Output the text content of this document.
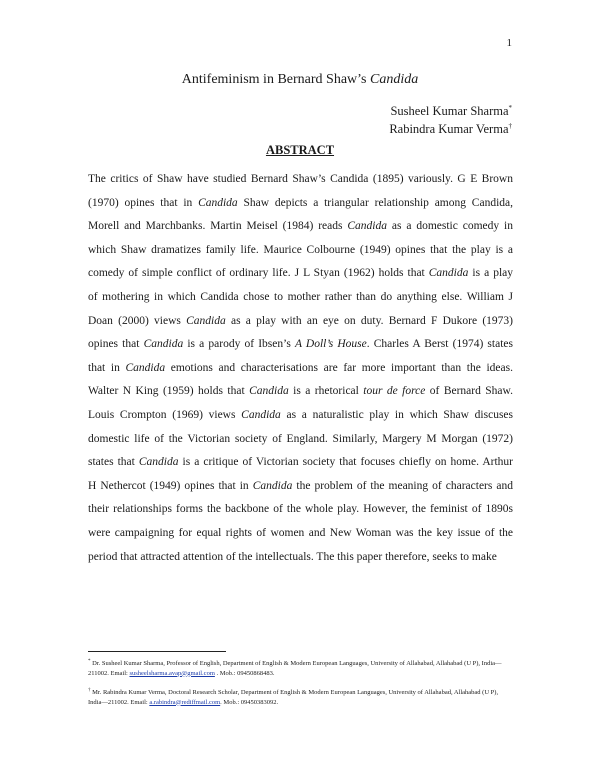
1
Antifeminism in Bernard Shaw’s Candida
Susheel Kumar Sharma*
Rabindra Kumar Verma†
ABSTRACT
The critics of Shaw have studied Bernard Shaw’s Candida (1895) variously. G E Brown
(1970) opines that in Candida Shaw depicts a triangular relationship among Candida,
Morell and Marchbanks. Martin Meisel (1984) reads Candida as a domestic comedy in
which Shaw dramatizes family life. Maurice Colbourne (1949) opines that the play is a
comedy of simple conflict of ordinary life. J L Styan (1962) holds that Candida is a play
of mothering in which Candida chose to mother rather than do anything else. William J
Doan (2000) views Candida as a play with an eye on duty. Bernard F Dukore (1973)
opines that Candida is a parody of Ibsen’s A Doll’s House. Charles A Berst (1974) states
that in Candida emotions and characterisations are far more important than the ideas.
Walter N King (1959) holds that Candida is a rhetorical tour de force of Bernard Shaw.
Louis Crompton (1969) views Candida as a naturalistic play in which Shaw discuses
domestic life of the Victorian society of England. Similarly, Margery M Morgan (1972)
states that Candida is a critique of Victorian society that focuses chiefly on home. Arthur
H Nethercot (1949) opines that in Candida the problem of the meaning of characters and
their relationships forms the backbone of the whole play. However, the feminist of 1890s
were campaigning for equal rights of women and New Woman was the key issue of the
period that attracted attention of the intellectuals. The this paper therefore, seeks to make
* Dr. Susheel Kumar Sharma, Professor of English, Department of English & Modern European Languages, University of Allahabad, Allahabad (U P), India—211002. Email: susheelsharma.avap@gmail.com . Mob.: 09450868483.
† Mr. Rabindra Kumar Verma, Doctoral Research Scholar, Department of English & Modern European Languages, University of Allahabad, Allahabad (U P), India—211002. Email: a.rabindra@rediffmail.com. Mob.: 09450383092.
